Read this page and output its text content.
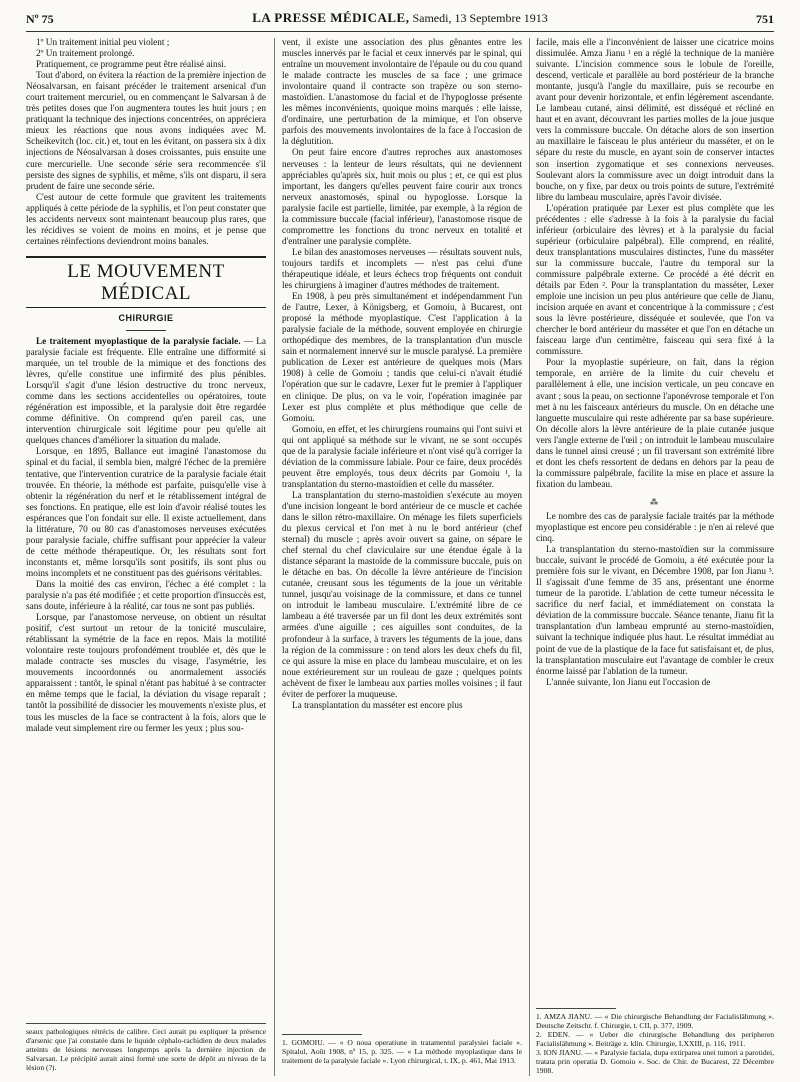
Nº 75	LA PRESSE MÉDICALE, Samedi, 13 Septembre 1913	751

1º Un traitement initial peu violent ;

2º Un traitement prolongé.

Pratiquement, ce programme peut être réalisé ainsi.

Tout d'abord, on évitera la réaction de la première injection de Néosalvarsan, en faisant précéder le traitement arsenical d'un court traitement mercuriel, ou en commençant le Salvarsan à de très petites doses que l'on augmentera toutes les huit jours ; en pratiquant la technique des injections concentrées, on appréciera mieux les réactions que nous avons indiquées avec M. Scheikevitch (loc. cit.) et, tout en les évitant, on passera six à dix injections de Néosalvarsan à doses croissantes, puis ensuite une cure mercurielle. Une seconde série sera recommencée s'il persiste des signes de syphilis, et même, s'ils ont disparu, il sera prudent de faire une seconde série.

C'est autour de cette formule que gravitent les traitements appliqués à cette période de la syphilis, et l'on peut constater que les accidents nerveux sont maintenant beaucoup plus rares, que les récidives se voient de moins en moins, et je pense que certaines réinfections deviendront moins banales.

LE MOUVEMENT MÉDICAL
CHIRURGIE

Le traitement myoplastique de la paralysie faciale. — La paralysie faciale est fréquente. Elle entraîne une difformité si marquée, un tel trouble de la mimique et des fonctions des lèvres, qu'elle constitue une infirmité des plus pénibles. Lorsqu'il s'agit d'une lésion destructive du tronc nerveux, comme dans les sections accidentelles ou opératoires, toute régénération est impossible, et la paralysie doit être regardée comme définitive. On comprend qu'en pareil cas, une intervention chirurgicale soit légitime pour peu qu'elle ait quelques chances d'améliorer la situation du malade.

Lorsque, en 1895, Ballance eut imaginé l'anastomose du spinal et du facial, il sembla bien, malgré l'échec de la première tentative, que l'intervention curatrice de la paralysie faciale était trouvée. En théorie, la méthode est parfaite, puisqu'elle vise à obtenir la régénération du nerf et le rétablissement intégral de ses fonctions. En pratique, elle est loin d'avoir réalisé toutes les espérances que l'on fondait sur elle. Il existe actuellement, dans la littérature, 70 ou 80 cas d'anastomoses nerveuses exécutées pour paralysie faciale, chiffre suffisant pour apprécier la valeur de cette méthode thérapeutique. Or, les résultats sont fort inconstants et, même lorsqu'ils sont positifs, ils sont plus ou moins incomplets et ne constituent pas des guérisons véritables.

Dans la moitié des cas environ, l'échec a été complet : la paralysie n'a pas été modifiée ; et cette proportion d'insuccès est, sans doute, inférieure à la réalité, car tous ne sont pas publiés.

Lorsque, par l'anastomose nerveuse, on obtient un résultat positif, c'est surtout un retour de la tonicité musculaire, rétablissant la symétrie de la face en repos. Mais la motilité volontaire reste toujours profondément troublée et, dès que le malade contracte ses muscles du visage, l'asymétrie, les mouvements incoordonnés ou anormalement associés apparaissent : tantôt, le spinal n'étant pas habitué à se contracter en même temps que le facial, la déviation du visage reparaît ; tantôt la possibilité de dissocier les mouvements n'existe plus, et tous les muscles de la face se contractent à la fois, alors que le malade veut simplement rire ou fermer les yeux ; plus sou-

seaux pathologiques rétrécis de calibre. Ceci aurait pu expliquer la présence d'arsenic que j'ai constatée dans le liquide céphalo-rachidien de deux malades atteints de lésions nerveuses longtemps après la dernière injection de Salvarsan. Le précipité aurait ainsi formé une sorte de dépôt au niveau de la lésion (?).

vent, il existe une association des plus gênantes entre les muscles innervés par le facial et ceux innervés par le spinal, qui entraîne un mouvement involontaire de l'épaule ou du cou quand le malade contracte les muscles de sa face ; une grimace involontaire quand il contracte son trapèze ou son sterno-mastoïdien. L'anastomose du facial et de l'hypoglosse présente les mêmes inconvénients, quoique moins marqués : elle laisse, d'ordinaire, une perturbation de la mimique, et l'on observe parfois des mouvements involontaires de la face à l'occasion de la déglutition.

On peut faire encore d'autres reproches aux anastomoses nerveuses : la lenteur de leurs résultats, qui ne deviennent appréciables qu'après six, huit mois ou plus ; et, ce qui est plus important, les dangers qu'elles peuvent faire courir aux troncs nerveux anastomosés, spinal ou hypoglosse. Lorsque la paralysie facile est partielle, limitée, par exemple, à la région de la commissure buccale (facial inférieur), l'anastomose risque de compromettre les fonctions du tronc nerveux en totalité et d'entraîner une paralysie complète.

Le bilan des anastomoses nerveuses — résultats souvent nuls, toujours tardifs et incomplets — n'est pas celui d'une thérapeutique idéale, et leurs échecs trop fréquents ont conduit les chirurgiens à imaginer d'autres méthodes de traitement.

En 1908, à peu près simultanément et indépendamment l'un de l'autre, Lexer, à Königsberg, et Gomoiu, à Bucarest, ont proposé la méthode myoplastique. C'est l'application à la paralysie faciale de la méthode, souvent employée en chirurgie orthopédique des membres, de la transplantation d'un muscle sain et normalement innervé sur le muscle paralysé. La première publication de Lexer est antérieure de quelques mois (Mars 1908) à celle de Gomoiu ; tandis que celui-ci n'avait étudié l'opération que sur le cadavre, Lexer fut le premier à l'appliquer en clinique. De plus, on va le voir, l'opération imaginée par Lexer est plus complète et plus méthodique que celle de Gomoiu.

Gomoiu, en effet, et les chirurgiens roumains qui l'ont suivi et qui ont appliqué sa méthode sur le vivant, ne se sont occupés que de la paralysie faciale inférieure et n'ont visé qu'à corriger la déviation de la commissure labiale. Pour ce faire, deux procédés peuvent être employés, tous deux décrits par Gomoiu ¹, la transplantation du sterno-mastoïdien et celle du masséter.

La transplantation du sterno-mastoïdien s'exécute au moyen d'une incision longeant le bord antérieur de ce muscle et cachée dans le sillon rétro-maxillaire. On ménage les filets superficiels du plexus cervical et l'on met à nu le bord antérieur (chef sternal) du muscle ; après avoir ouvert sa gaine, on sépare le chef sternal du chef claviculaire sur une étendue égale à la distance séparant la mastoïde de la commissure buccale, puis on le détache en bas. On décolle la lèvre antérieure de l'incision cutanée, creusant sous les téguments de la joue un véritable tunnel, jusqu'au voisinage de la commissure, et dans ce tunnel on introduit le lambeau musculaire. L'extrémité libre de ce lambeau a été traversée par un fil dont les deux extrémités sont armées d'une aiguille ; ces aiguilles sont conduites, de la profondeur à la surface, à travers les téguments de la joue, dans la région de la commissure : on tend alors les deux chefs du fil, ce qui assure la mise en place du lambeau musculaire, et on les noue extérieurement sur un rouleau de gaze ; quelques points achèvent de fixer le lambeau aux parties molles voisines ; il faut éviter de perforer la muqueuse.

La transplantation du masséter est encore plus

1. GOMOIU. — « O noua operatiune in tratamentul paralysiei faciale ». Spitalul, Août 1908, nº 15, p. 325. — « La méthode myoplastique dans le traitement de la paralysie faciale ». Lyon chirurgical, t. IX, p. 461, Mai 1913.

facile, mais elle a l'inconvénient de laisser une cicatrice moins dissimulée. Amza Jianu ¹ en a réglé la technique de la manière suivante. L'incision commence sous le lobule de l'oreille, descend, verticale et parallèle au bord postérieur de la branche montante, jusqu'à l'angle du maxillaire, puis se recourbe en avant pour devenir horizontale, et enfin légèrement ascendante. Le lambeau cutané, ainsi délimité, est disséqué et récliné en haut et en avant, découvrant les parties molles de la joue jusque vers la commissure buccale. On détache alors de son insertion au maxillaire le faisceau le plus antérieur du masséter, et on le sépare du reste du muscle, en ayant soin de conserver intactes son insertion zygomatique et ses connexions nerveuses. Soulevant alors la commissure avec un doigt introduit dans la bouche, on y fixe, par deux ou trois points de suture, l'extrémité libre du lambeau musculaire, après l'avoir divisée.

L'opération pratiquée par Lexer est plus complète que les précédentes : elle s'adresse à la fois à la paralysie du facial inférieur (orbiculaire des lèvres) et à la paralysie du facial supérieur (orbiculaire palpébral). Elle comprend, en réalité, deux transplantations musculaires distinctes, l'une du masséter sur la commissure buccale, l'autre du temporal sur la commissure palpébrale externe. Ce procédé a été décrit en détails par Eden ². Pour la transplantation du masséter, Lexer emploie une incision un peu plus antérieure que celle de Jianu, incision arquée en avant et concentrique à la commissure ; c'est sous la lèvre postérieure, disséquée et soulevée, que l'on va chercher le bord antérieur du masséter et que l'on en détache un faisceau large d'un centimètre, faisceau qui sera fixé à la commissure.

Pour la myoplastie supérieure, on fait, dans la région temporale, en arrière de la limite du cuir chevelu et parallèlement à elle, une incision verticale, un peu concave en avant ; sous la peau, on sectionne l'aponévrose temporale et l'on met à nu les faisceaux antérieurs du muscle. On en détache une languette musculaire qui reste adhérente par sa base supérieure. On décolle alors la lèvre antérieure de la plaie cutanée jusque vers l'angle externe de l'œil ; on introduit le lambeau musculaire dans le tunnel ainsi creusé ; un fil traversant son extrémité libre et dont les chefs ressortent de dedans en dehors par la peau de la commissure palpébrale, facilite la mise en place et assure la fixation du lambeau.

⁂

Le nombre des cas de paralysie faciale traités par la méthode myoplastique est encore peu considérable : je n'en ai relevé que cinq.

La transplantation du sterno-mastoïdien sur la commissure buccale, suivant le procédé de Gomoiu, a été exécutée pour la première fois sur le vivant, en Décembre 1908, par Ion Jianu ³. Il s'agissait d'une femme de 35 ans, présentant une énorme tumeur de la parotide. L'ablation de cette tumeur nécessita le sacrifice du nerf facial, et immédiatement on constata la déviation de la commissure buccale. Séance tenante, Jianu fit la transplantation d'un lambeau emprunté au sterno-mastoïdien, suivant la technique indiquée plus haut. Le résultat immédiat au point de vue de la plastique de la face fut satisfaisant et, de plus, la transplantation musculaire eut l'avantage de combler le creux énorme laissé par l'ablation de la tumeur.

L'année suivante, Ion Jianu eut l'occasion de

1. AMZA JIANU. — « Die chirurgische Behandlung der Facialislähmung ». Deutsche Zeitschr. f. Chirurgie, t. CII, p. 377, 1909.
2. EDEN. — « Ueber die chirurgische Behandlung des peripheren Facialislähmung ». Beiträge z. klin. Chirurgie, LXXIII, p. 116, 1911.
3. ION JIANU. — « Paralysie faciala, dupa extirparea unei tumori a parotidei, tratata prin operatia D. Gomoiu ». Soc. de Chir. de Bucarest, 22 Décembre 1908.
